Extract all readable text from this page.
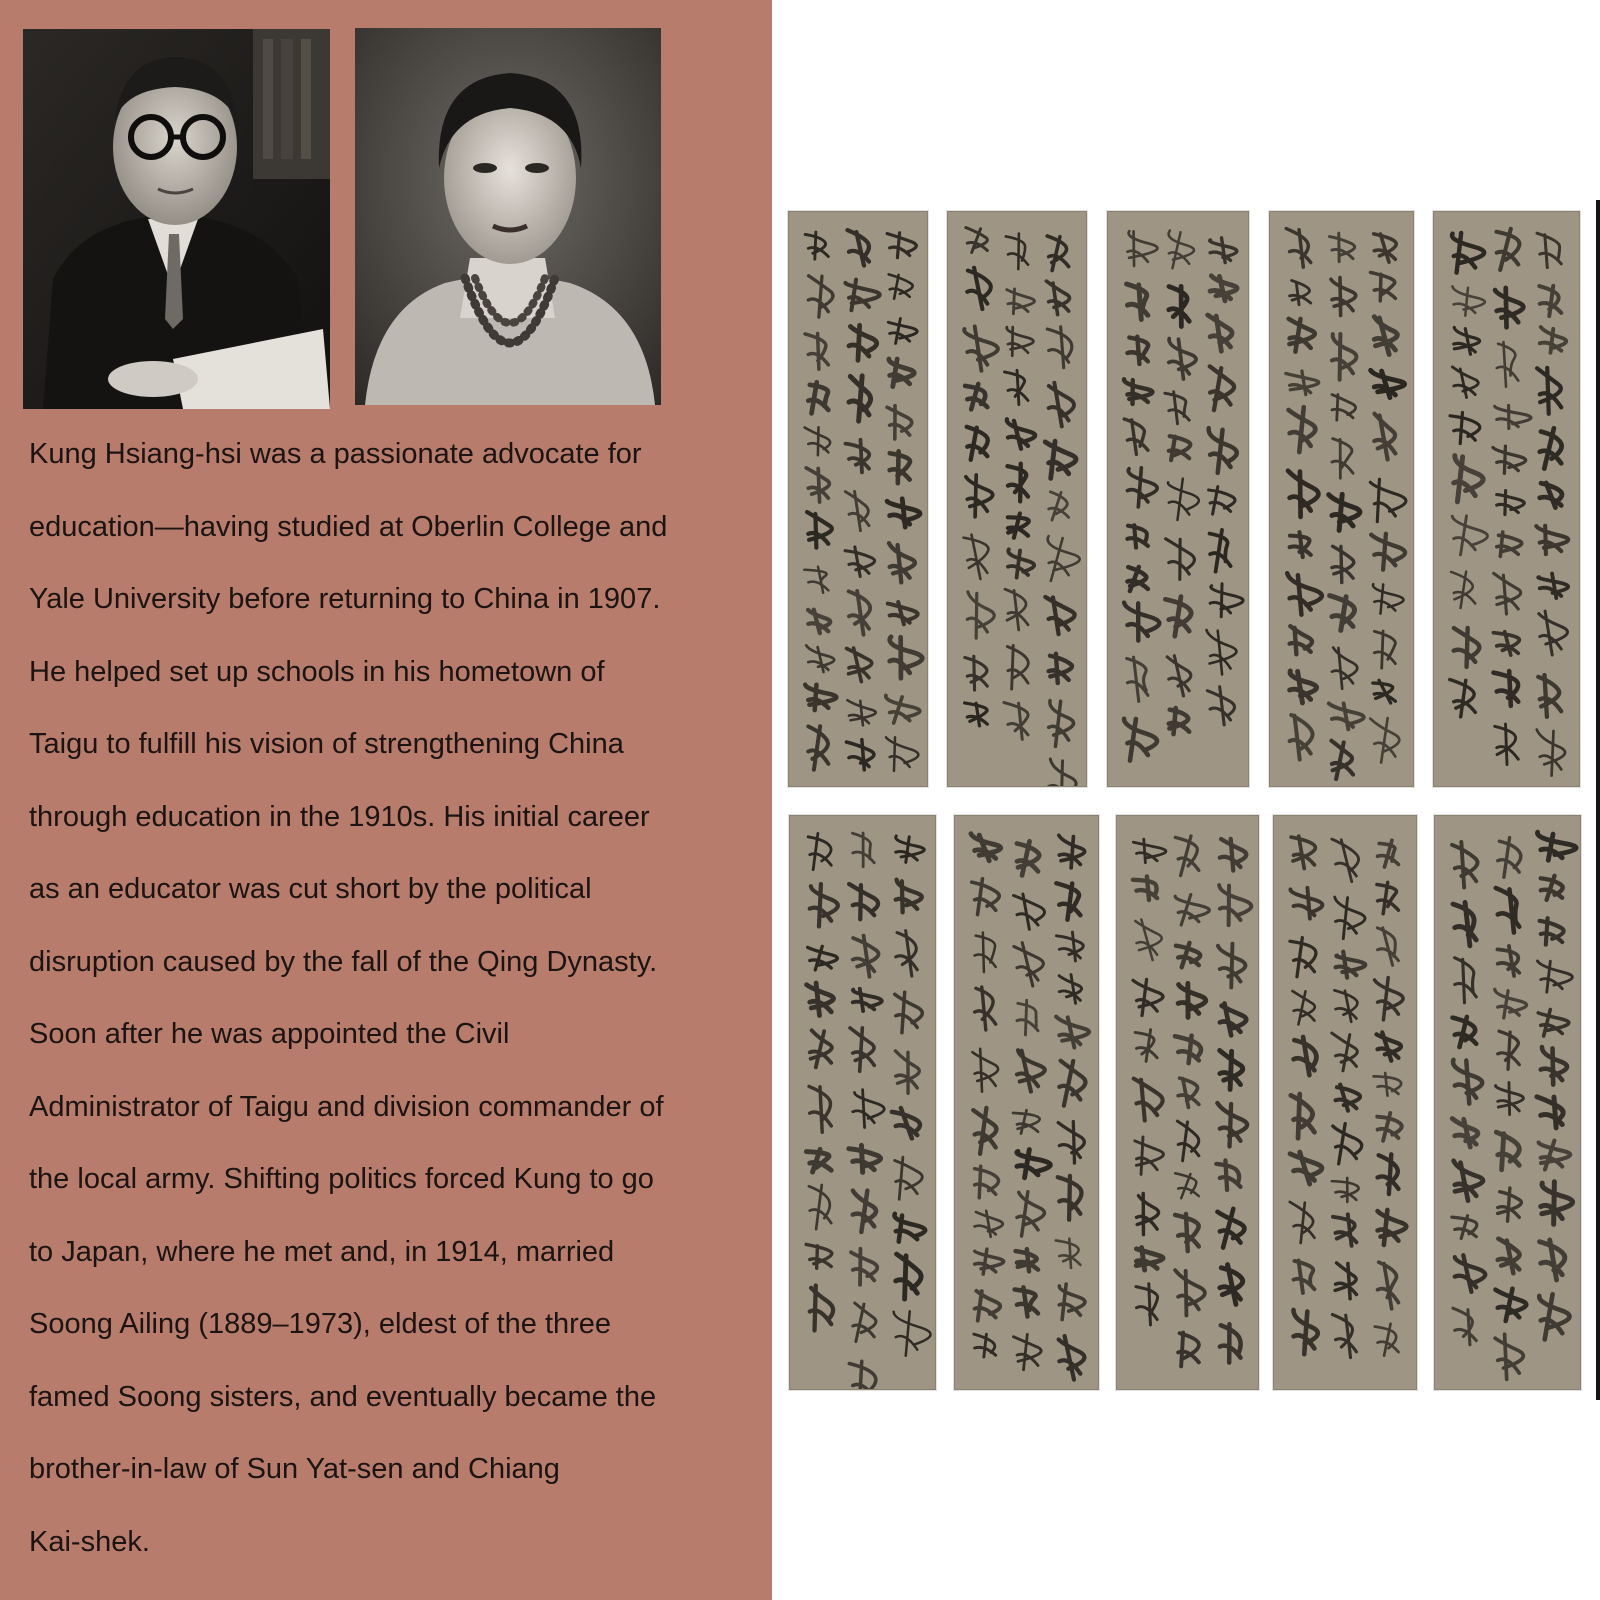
Kung Hsiang-hsi was a passionate advocate for
education—having studied at Oberlin College and
Yale University before returning to China in 1907.
He helped set up schools in his hometown of
Taigu to fulfill his vision of strengthening China
through education in the 1910s. His initial career
as an educator was cut short by the political
disruption caused by the fall of the Qing Dynasty.
Soon after he was appointed the Civil
Administrator of Taigu and division commander of
the local army. Shifting politics forced Kung to go
to Japan, where he met and, in 1914, married
Soong Ailing (1889–1973), eldest of the three
famed Soong sisters, and eventually became the
brother-in-law of Sun Yat-sen and Chiang
Kai-shek.
